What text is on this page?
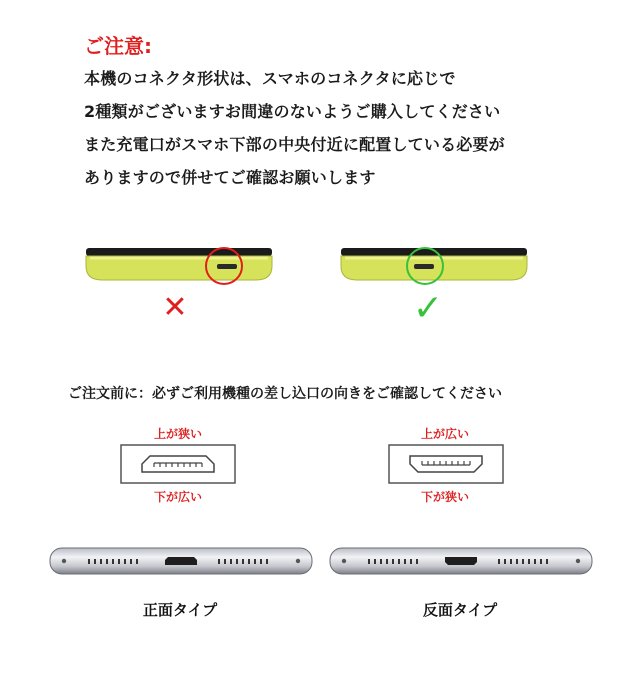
ご注意:
本機のコネクタ形状は、スマホのコネクタに応じで
2種類がございますお間違のないようご購入してください
また充電口がスマホ下部の中央付近に配置している必要が
ありますので併せてご確認お願いします
✕	✓
ご注文前に：必ずご利用機種の差し込口の向きをご確認してください
上が狭い
下が広い
上が広い
下が狭い
正面タイプ	反面タイプ
